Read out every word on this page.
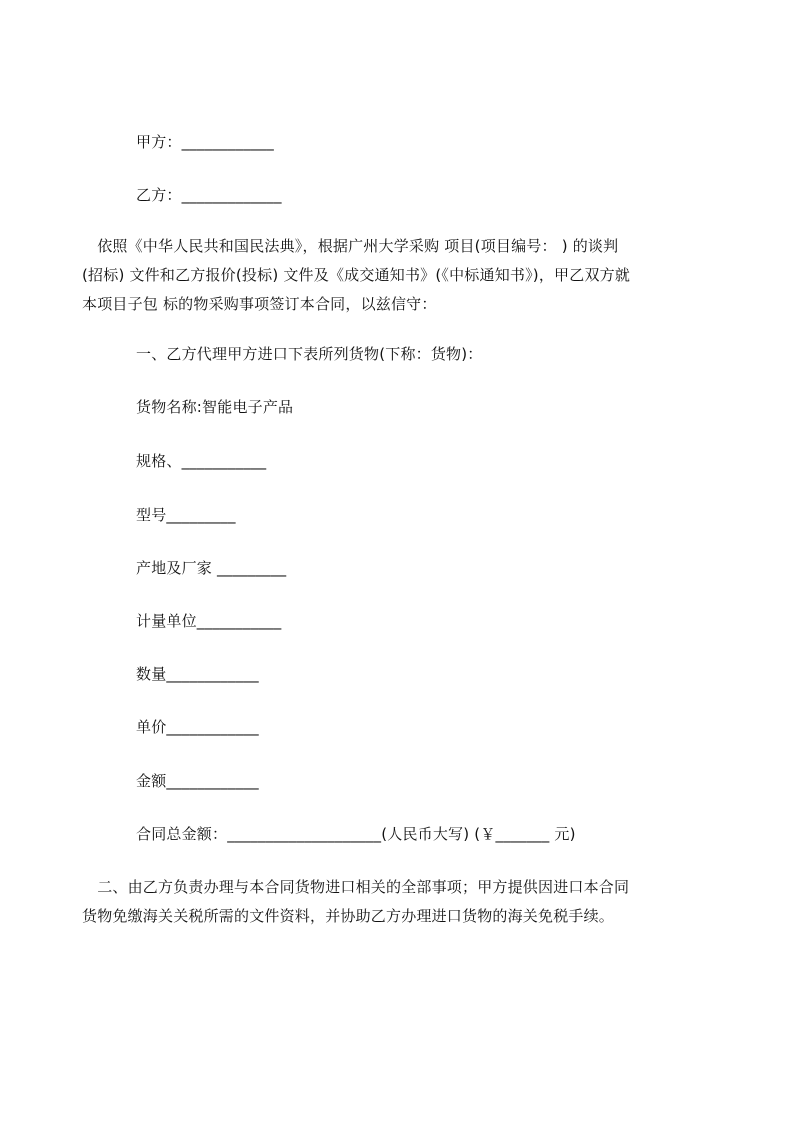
甲方：____________
乙方：_____________
　依照《中华人民共和国民法典》，根据广州大学采购 项目(项目编号： ) 的谈判
(招标) 文件和乙方报价(投标) 文件及《成交通知书》(《中标通知书》)，甲乙双方就
本项目子包 标的物采购事项签订本合同，以兹信守：
一、乙方代理甲方进口下表所列货物(下称：货物)：
货物名称:智能电子产品
规格、___________
型号_________
产地及厂家 _________
计量单位___________
数量____________
单价____________
金额____________
合同总金额：____________________(人民币大写) (￥_______ 元)
　二、由乙方负责办理与本合同货物进口相关的全部事项；甲方提供因进口本合同
货物免缴海关关税所需的文件资料，并协助乙方办理进口货物的海关免税手续。
